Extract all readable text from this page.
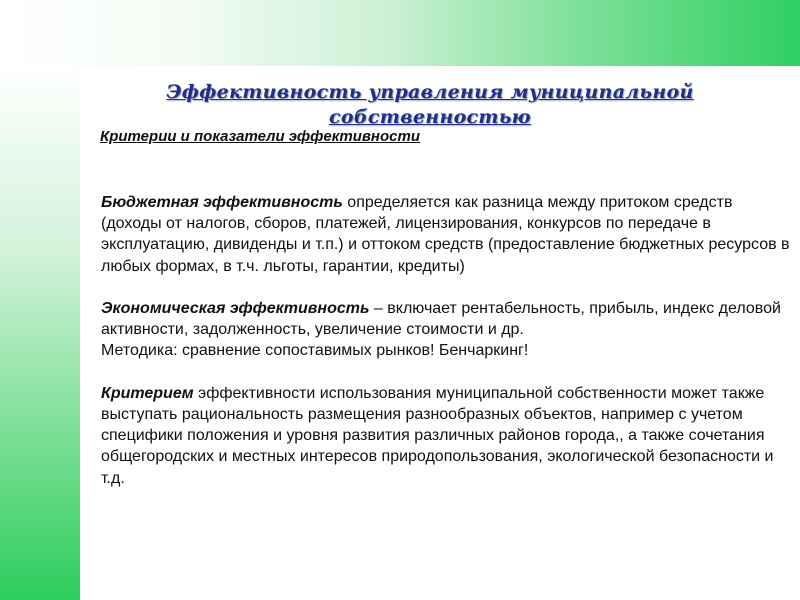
Эффективность управления муниципальной собственностью
Критерии и показатели эффективности

Бюджетная эффективность определяется как разница между притоком средств (доходы от налогов, сборов, платежей, лицензирования, конкурсов по передаче в эксплуатацию, дивиденды и т.п.) и оттоком средств (предоставление бюджетных ресурсов в любых формах, в т.ч. льготы, гарантии, кредиты)

Экономическая эффективность – включает рентабельность, прибыль, индекс деловой активности, задолженность, увеличение стоимости и др.

Методика: сравнение сопоставимых рынков! Бенчаркинг!

Критерием эффективности использования муниципальной собственности может также выступать рациональность размещения разнообразных объектов, например с учетом специфики положения и уровня развития различных районов города,, а также сочетания общегородских и местных интересов природопользования, экологической безопасности и т.д.
